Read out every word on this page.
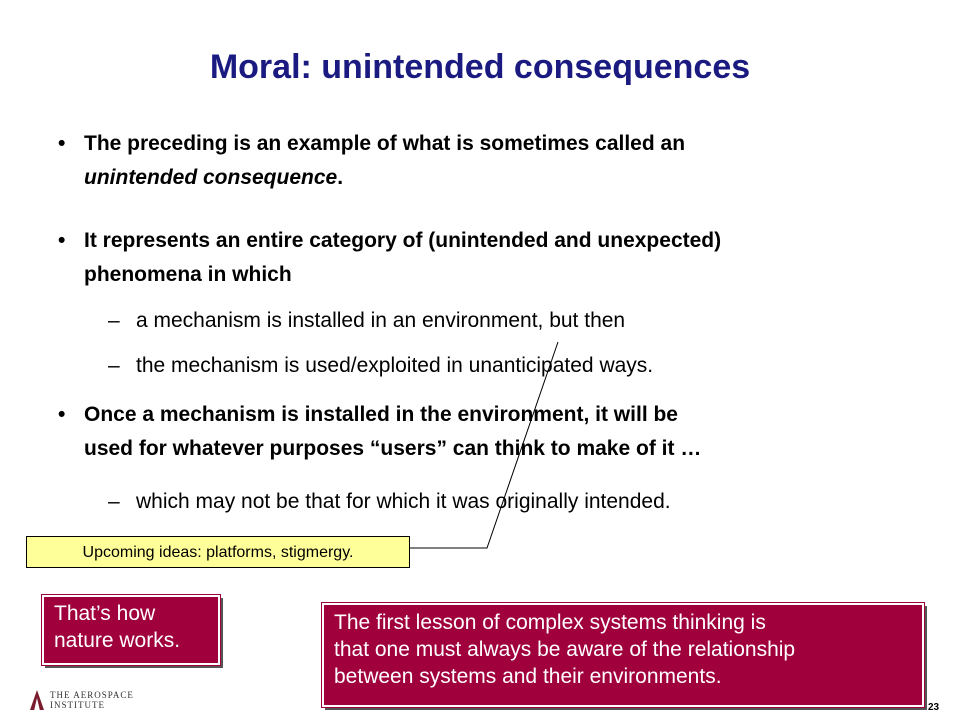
Moral: unintended consequences
• The preceding is an example of what is sometimes called an
unintended consequence.
• It represents an entire category of (unintended and unexpected)
phenomena in which
– a mechanism is installed in an environment, but then
– the mechanism is used/exploited in unanticipated ways.
• Once a mechanism is installed in the environment, it will be
used for whatever purposes “users” can think to make of it …
– which may not be that for which it was originally intended.
Upcoming ideas: platforms, stigmergy.
That’s how
nature works.
The first lesson of complex systems thinking is
that one must always be aware of the relationship
between systems and their environments.
THE AEROSPACE
INSTITUTE	23
